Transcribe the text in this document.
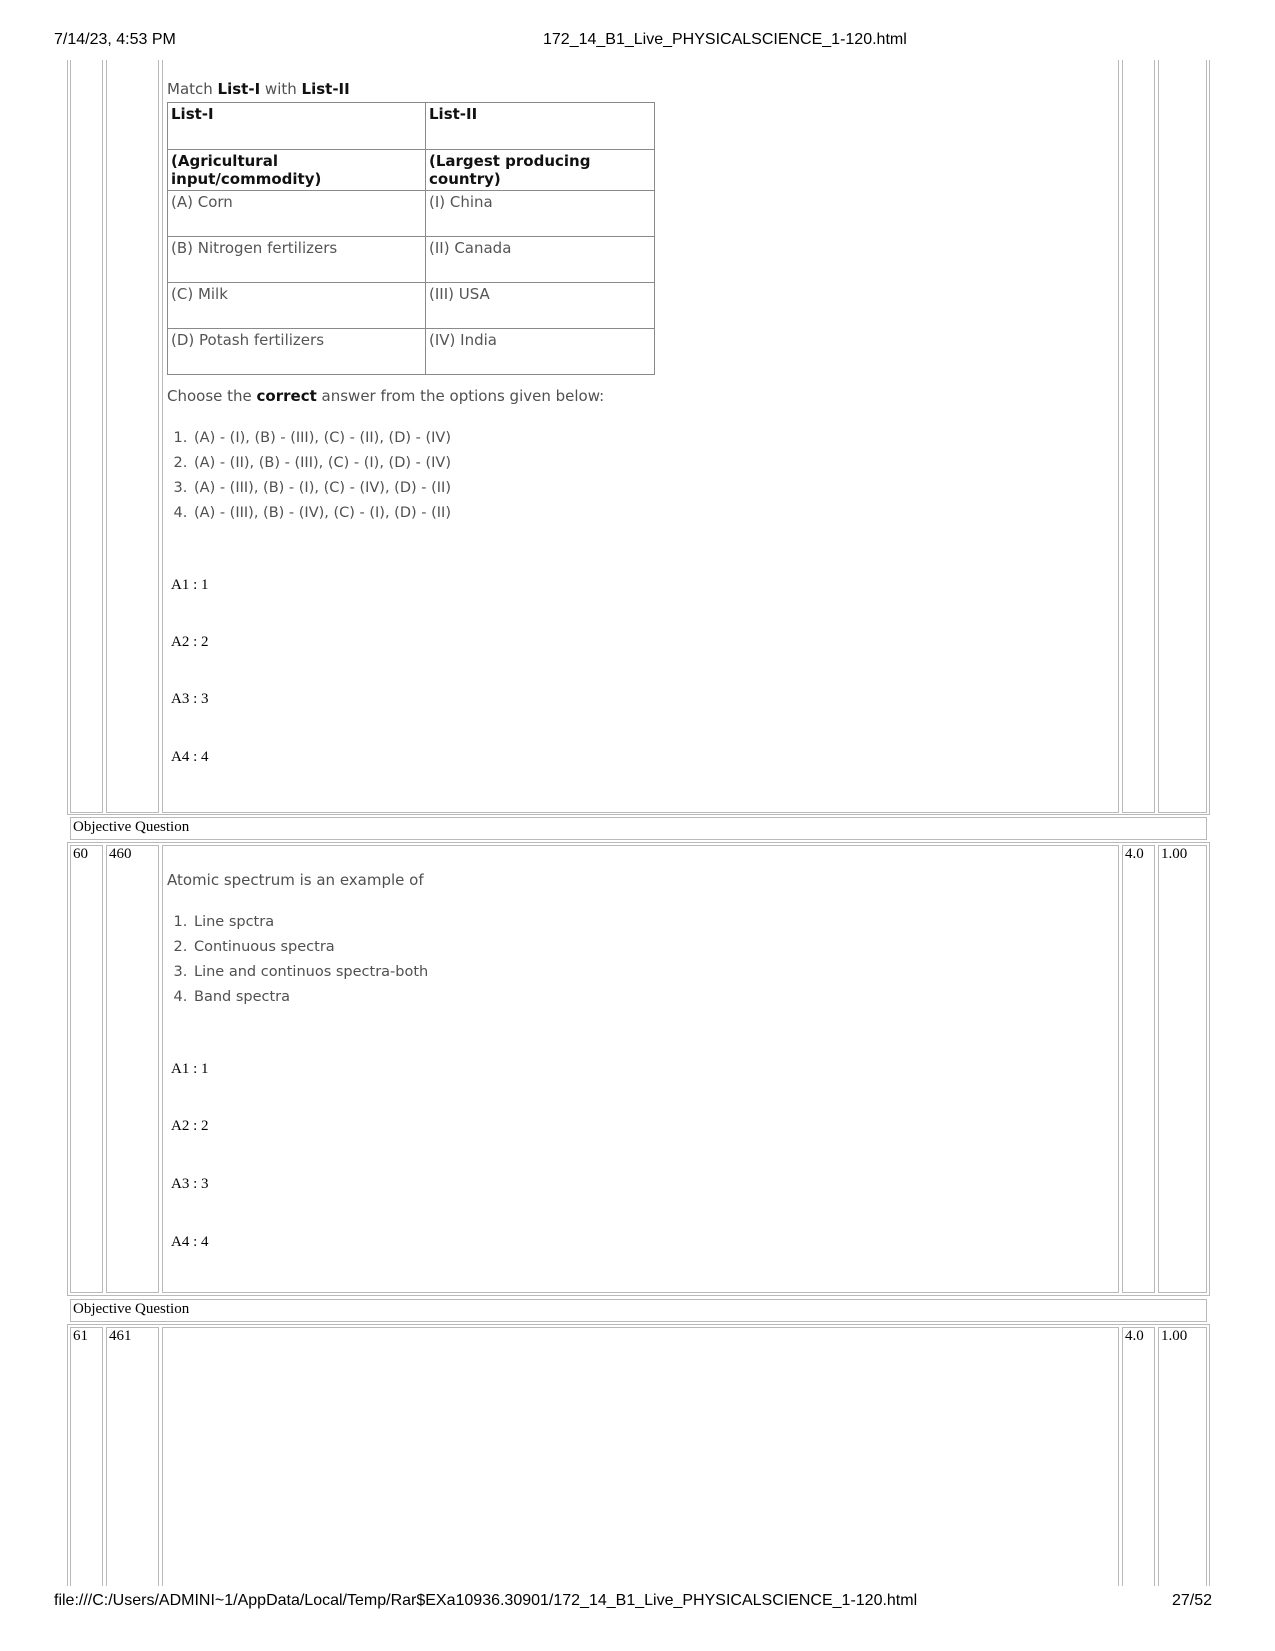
7/14/23, 4:53 PM	172_14_B1_Live_PHYSICALSCIENCE_1-120.html
file:///C:/Users/ADMINI~1/AppData/Local/Temp/Rar$EXa10936.30901/172_14_B1_Live_PHYSICALSCIENCE_1-120.html	27/52
Match List-I with List-II
List-I	List-II
(Agricultural input/commodity)	(Largest producing country)
(A) Corn	(I) China
(B) Nitrogen fertilizers	(II) Canada
(C) Milk	(III) USA
(D) Potash fertilizers	(IV) India
Choose the correct answer from the options given below:
1. (A) - (I), (B) - (III), (C) - (II), (D) - (IV)
2. (A) - (II), (B) - (III), (C) - (I), (D) - (IV)
3. (A) - (III), (B) - (I), (C) - (IV), (D) - (II)
4. (A) - (III), (B) - (IV), (C) - (I), (D) - (II)
A1 : 1
A2 : 2
A3 : 3
A4 : 4
Objective Question
60 460	4.0 1.00
Atomic spectrum is an example of
1. Line spctra
2. Continuous spectra
3. Line and continuos spectra-both
4. Band spectra
A1 : 1
A2 : 2
A3 : 3
A4 : 4
Objective Question
61 461	4.0 1.00
